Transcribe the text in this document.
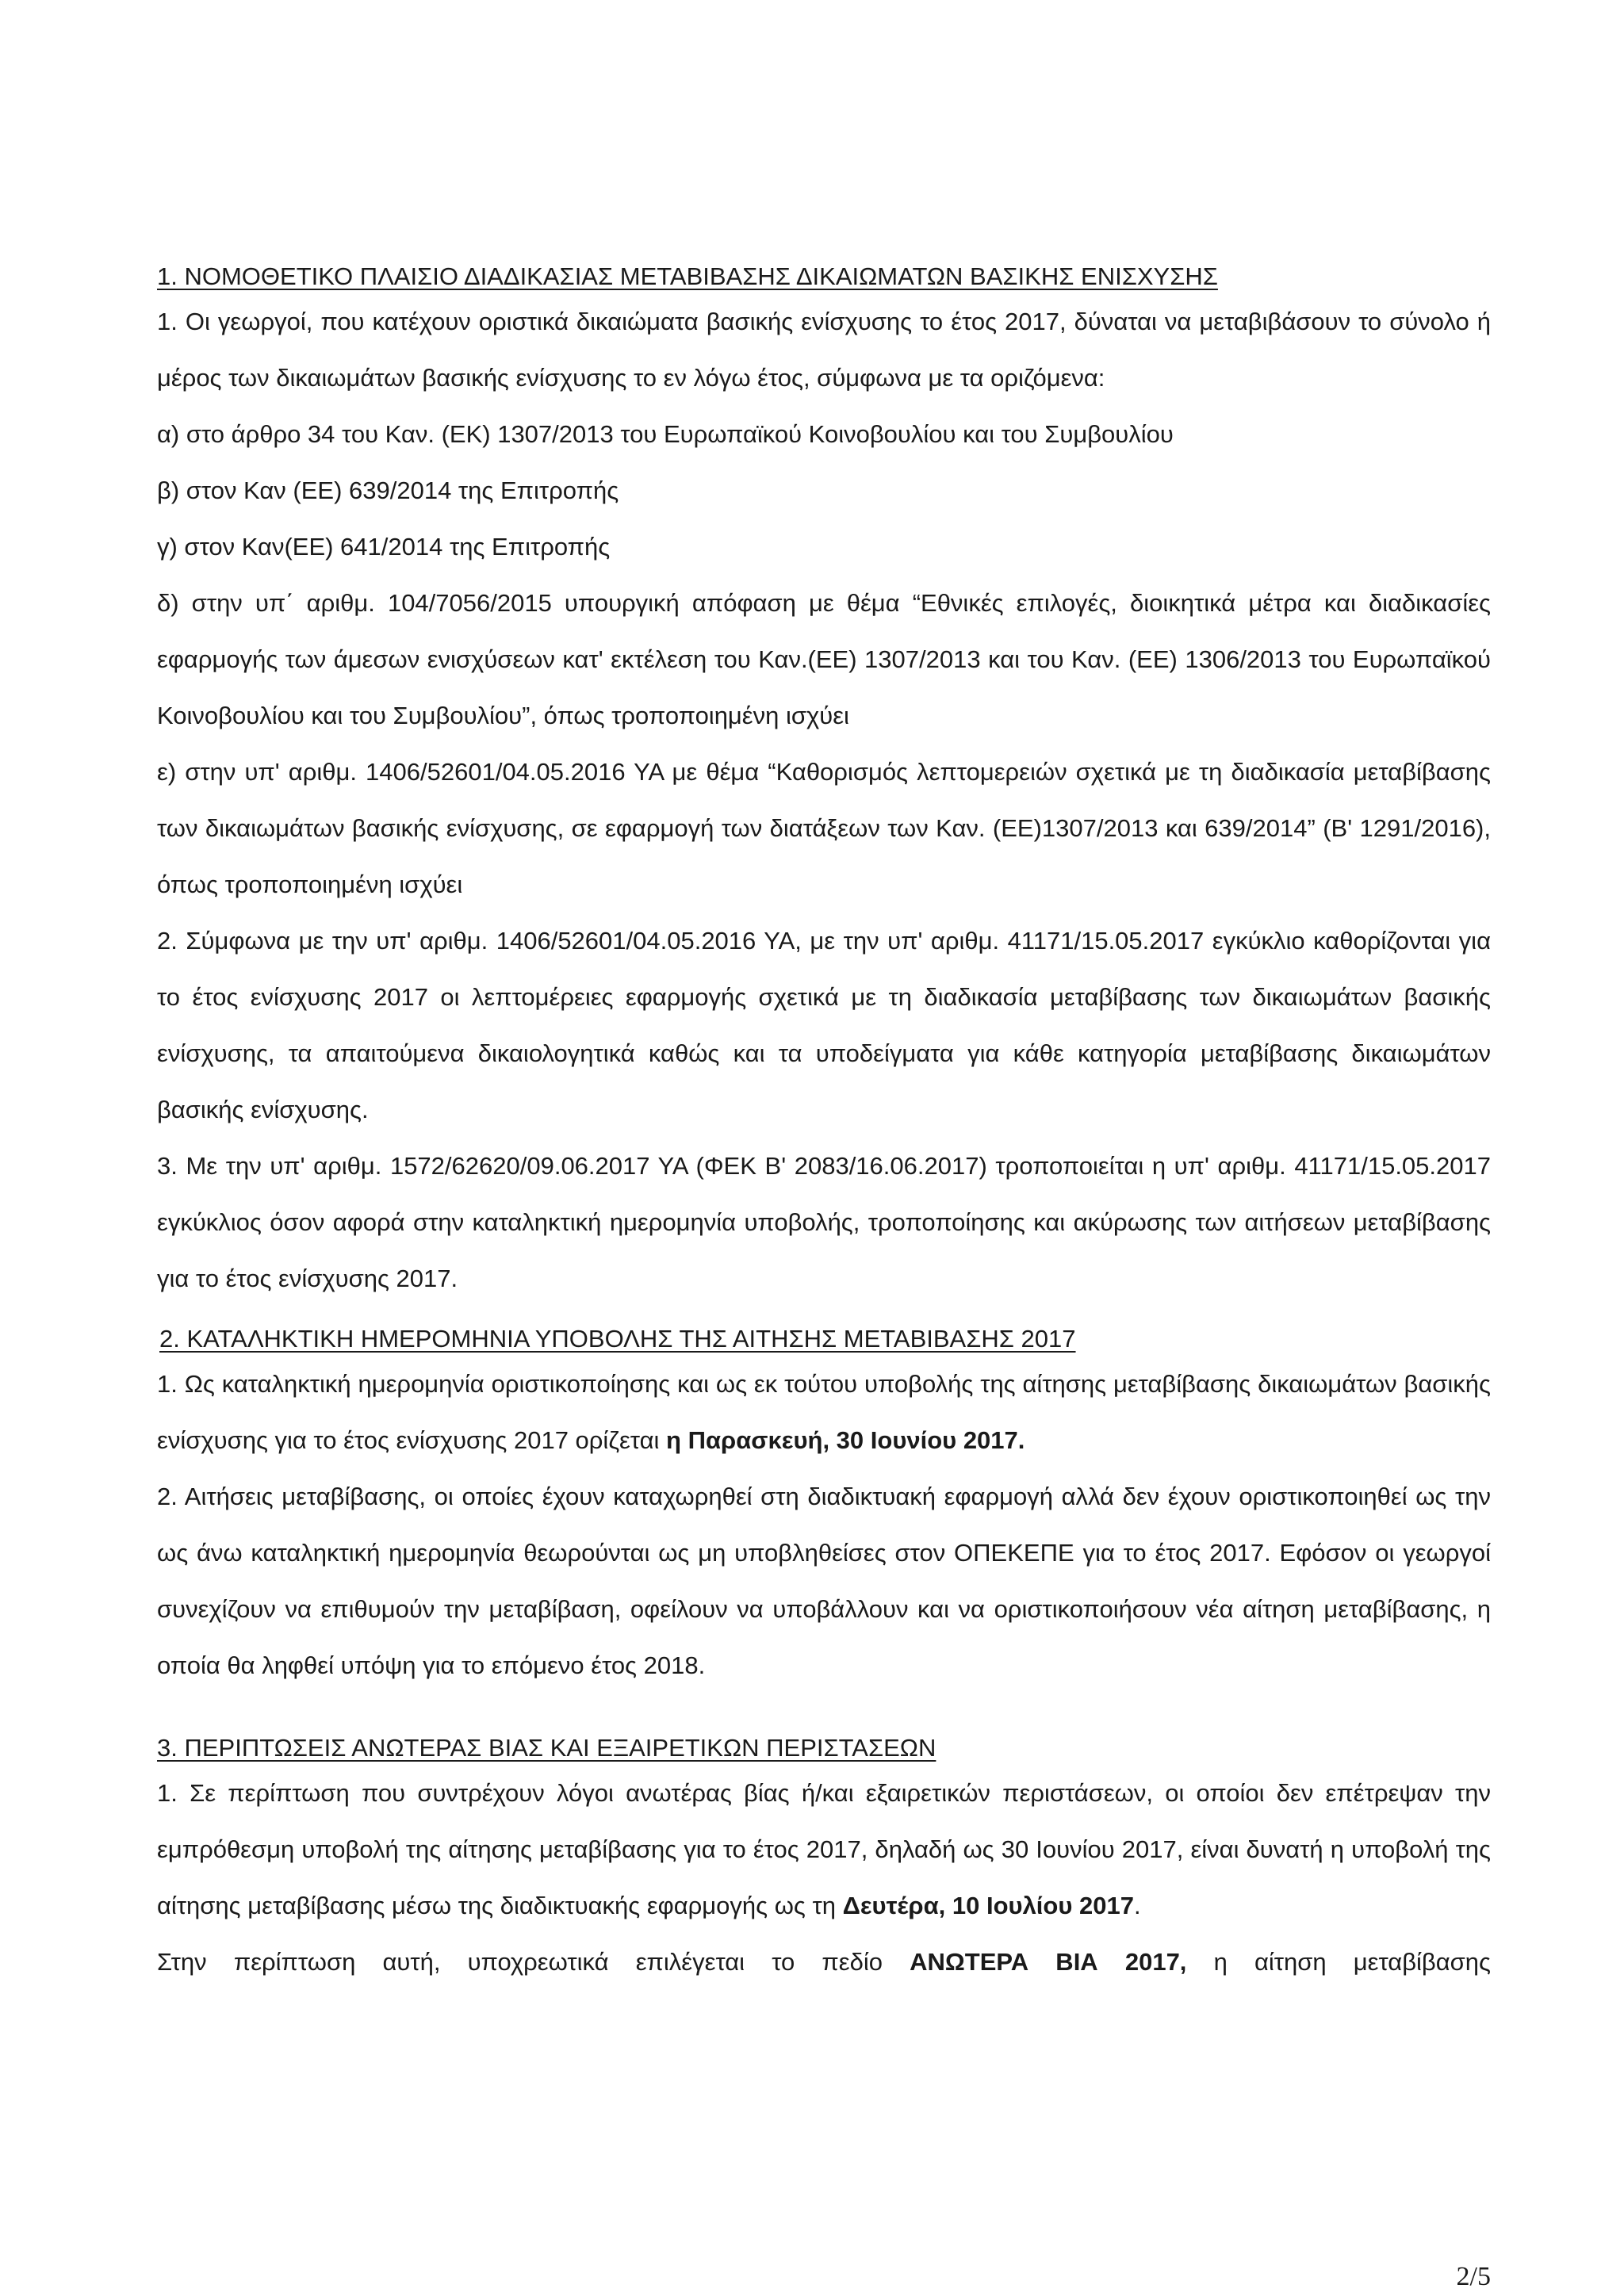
1. ΝΟΜΟΘΕΤΙΚΟ ΠΛΑΙΣΙΟ ΔΙΑΔΙΚΑΣΙΑΣ ΜΕΤΑΒΙΒΑΣΗΣ ΔΙΚΑΙΩΜΑΤΩΝ ΒΑΣΙΚΗΣ ΕΝΙΣΧΥΣΗΣ

1. Οι γεωργοί, που κατέχουν οριστικά δικαιώματα βασικής ενίσχυσης το έτος 2017, δύναται να μεταβιβάσουν το σύνολο ή μέρος των δικαιωμάτων βασικής ενίσχυσης το εν λόγω έτος, σύμφωνα με τα οριζόμενα:

α) στο άρθρο 34 του Καν. (ΕΚ) 1307/2013 του Ευρωπαϊκού Κοινοβουλίου και του Συμβουλίου

β) στον Καν (ΕΕ) 639/2014 της Επιτροπής

γ) στον Καν(ΕΕ) 641/2014 της Επιτροπής

δ) στην υπ΄ αριθμ. 104/7056/2015 υπουργική απόφαση με θέμα “Εθνικές επιλογές, διοικητικά μέτρα και διαδικασίες εφαρμογής των άμεσων ενισχύσεων κατ' εκτέλεση του Καν.(ΕΕ) 1307/2013 και του Καν. (ΕΕ) 1306/2013 του Ευρωπαϊκού Κοινοβουλίου και του Συμβουλίου”, όπως τροποποιημένη ισχύει

ε) στην υπ' αριθμ. 1406/52601/04.05.2016 ΥΑ με θέμα “Καθορισμός λεπτομερειών σχετικά με τη διαδικασία μεταβίβασης των δικαιωμάτων βασικής ενίσχυσης, σε εφαρμογή των διατάξεων των Καν. (ΕΕ)1307/2013 και 639/2014” (Β' 1291/2016), όπως τροποποιημένη ισχύει

2. Σύμφωνα με την υπ' αριθμ. 1406/52601/04.05.2016 ΥΑ, με την υπ' αριθμ. 41171/15.05.2017 εγκύκλιο καθορίζονται για το έτος ενίσχυσης 2017 οι λεπτομέρειες εφαρμογής σχετικά με τη διαδικασία μεταβίβασης των δικαιωμάτων βασικής ενίσχυσης, τα απαιτούμενα δικαιολογητικά καθώς και τα υποδείγματα για κάθε κατηγορία μεταβίβασης δικαιωμάτων βασικής ενίσχυσης.

3. Με την υπ' αριθμ. 1572/62620/09.06.2017 ΥΑ (ΦΕΚ Β' 2083/16.06.2017) τροποποιείται η υπ' αριθμ. 41171/15.05.2017 εγκύκλιος όσον αφορά στην καταληκτική ημερομηνία υποβολής, τροποποίησης και ακύρωσης των αιτήσεων μεταβίβασης για το έτος ενίσχυσης 2017.

2. ΚΑΤΑΛΗΚΤΙΚΗ ΗΜΕΡΟΜΗΝΙΑ ΥΠΟΒΟΛΗΣ ΤΗΣ ΑΙΤΗΣΗΣ ΜΕΤΑΒΙΒΑΣΗΣ 2017

1. Ως καταληκτική ημερομηνία οριστικοποίησης και ως εκ τούτου υποβολής της αίτησης μεταβίβασης δικαιωμάτων βασικής ενίσχυσης για το έτος ενίσχυσης 2017 ορίζεται η Παρασκευή, 30 Ιουνίου 2017.

2. Αιτήσεις μεταβίβασης, οι οποίες έχουν καταχωρηθεί στη διαδικτυακή εφαρμογή αλλά δεν έχουν οριστικοποιηθεί ως την ως άνω καταληκτική ημερομηνία θεωρούνται ως μη υποβληθείσες στον ΟΠΕΚΕΠΕ για το έτος 2017. Εφόσον οι γεωργοί συνεχίζουν να επιθυμούν την μεταβίβαση, οφείλουν να υποβάλλουν και να οριστικοποιήσουν νέα αίτηση μεταβίβασης, η οποία θα ληφθεί υπόψη για το επόμενο έτος 2018.

3. ΠΕΡΙΠΤΩΣΕΙΣ ΑΝΩΤΕΡΑΣ ΒΙΑΣ ΚΑΙ ΕΞΑΙΡΕΤΙΚΩΝ ΠΕΡΙΣΤΑΣΕΩΝ

1. Σε περίπτωση που συντρέχουν λόγοι ανωτέρας βίας ή/και εξαιρετικών περιστάσεων, οι οποίοι δεν επέτρεψαν την εμπρόθεσμη υποβολή της αίτησης μεταβίβασης για το έτος 2017, δηλαδή ως 30 Ιουνίου 2017, είναι δυνατή η υποβολή της αίτησης μεταβίβασης μέσω της διαδικτυακής εφαρμογής ως τη Δευτέρα, 10 Ιουλίου 2017.

Στην περίπτωση αυτή, υποχρεωτικά επιλέγεται το πεδίο ΑΝΩΤΕΡΑ ΒΙΑ 2017, η αίτηση μεταβίβασης

2/5
